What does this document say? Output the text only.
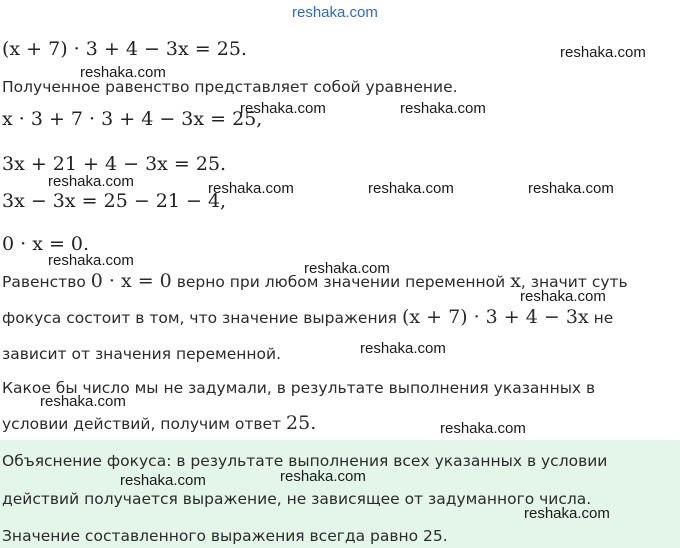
reshaka.com
(x + 7) · 3 + 4 − 3x = 25.
Полученное равенство представляет собой уравнение.
x · 3 + 7 · 3 + 4 − 3x = 25,
3x + 21 + 4 − 3x = 25.
3x − 3x = 25 − 21 − 4,
0 · x = 0.
Равенство 0 · x = 0 верно при любом значении переменной x, значит суть
фокуса состоит в том, что значение выражения (x + 7) · 3 + 4 − 3x не
зависит от значения переменной.
Какое бы число мы не задумали, в результате выполнения указанных в
условии действий, получим ответ 25.
Объяснение фокуса: в результате выполнения всех указанных в условии
действий получается выражение, не зависящее от задуманного числа.
Значение составленного выражения всегда равно 25.
reshaka.com
reshaka.com
reshaka.com	reshaka.com
reshaka.com	reshaka.com	reshaka.com	reshaka.com
reshaka.com	reshaka.com
reshaka.com
reshaka.com
reshaka.com
reshaka.com
reshaka.com	reshaka.com
reshaka.com
